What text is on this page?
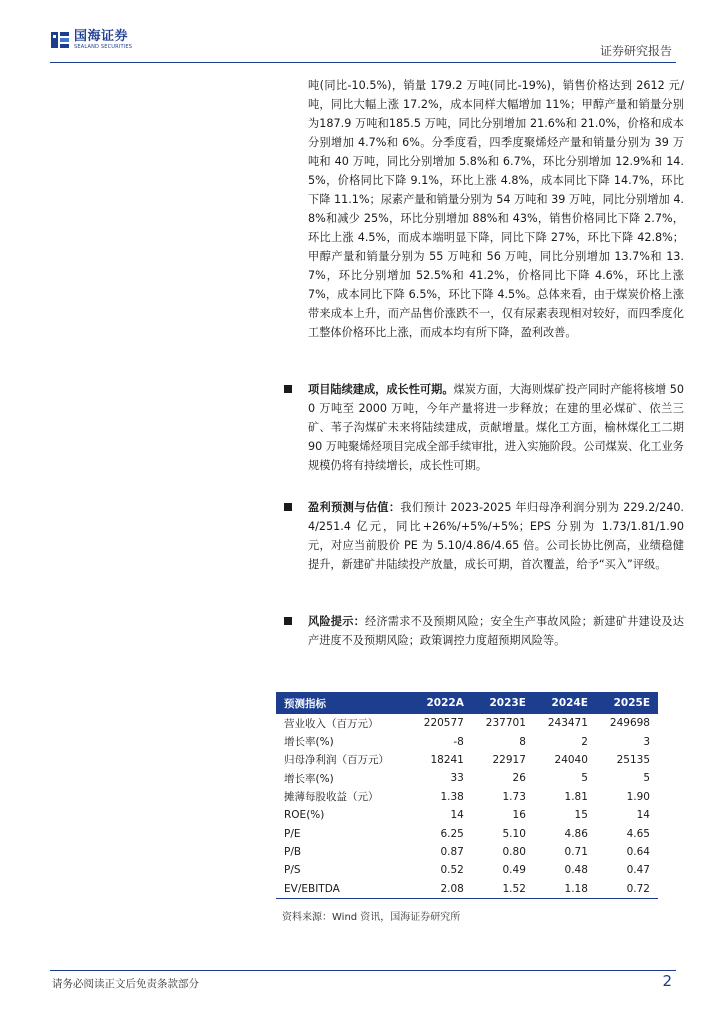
国海证券
SEALAND SECURITIES	证券研究报告
吨(同比-10.5%)，销量 179.2 万吨(同比-19%)，销售价格达到 2612 元/吨，同比大幅上涨 17.2%，成本同样大幅增加 11%；甲醇产量和销量分别为187.9 万吨和185.5 万吨，同比分别增加 21.6%和 21.0%，价格和成本分别增加 4.7%和 6%。分季度看，四季度聚烯烃产量和销量分别为 39 万吨和 40 万吨，同比分别增加 5.8%和 6.7%，环比分别增加 12.9%和 14.5%，价格同比下降 9.1%，环比上涨 4.8%，成本同比下降 14.7%，环比下降 11.1%；尿素产量和销量分别为 54 万吨和 39 万吨，同比分别增加 4.8%和减少 25%，环比分别增加 88%和 43%，销售价格同比下降 2.7%，环比上涨 4.5%，而成本端明显下降，同比下降 27%，环比下降 42.8%；甲醇产量和销量分别为 55 万吨和 56 万吨，同比分别增加 13.7%和 13.7%，环比分别增加 52.5%和 41.2%，价格同比下降 4.6%，环比上涨 7%，成本同比下降 6.5%，环比下降 4.5%。总体来看，由于煤炭价格上涨带来成本上升，而产品售价涨跌不一，仅有尿素表现相对较好，而四季度化工整体价格环比上涨，而成本均有所下降，盈利改善。
项目陆续建成，成长性可期。煤炭方面，大海则煤矿投产同时产能将核增 500 万吨至 2000 万吨，今年产量将进一步释放；在建的里必煤矿、依兰三矿、苇子沟煤矿未来将陆续建成，贡献增量。煤化工方面，榆林煤化工二期 90 万吨聚烯烃项目完成全部手续审批，进入实施阶段。公司煤炭、化工业务规模仍将有持续增长，成长性可期。
盈利预测与估值：我们预计 2023-2025 年归母净利润分别为 229.2/240.4/251.4 亿元，同比+26%/+5%/+5%；EPS 分别为 1.73/1.81/1.90 元，对应当前股价 PE 为 5.10/4.86/4.65 倍。公司长协比例高，业绩稳健提升，新建矿井陆续投产放量，成长可期，首次覆盖，给予“买入”评级。
风险提示：经济需求不及预期风险；安全生产事故风险；新建矿井建设及达产进度不及预期风险；政策调控力度超预期风险等。
预测指标	2022A	2023E	2024E	2025E
营业收入（百万元）	220577	237701	243471	249698
增长率(%)	-8	8	2	3
归母净利润（百万元）	18241	22917	24040	25135
增长率(%)	33	26	5	5
摊薄每股收益（元）	1.38	1.73	1.81	1.90
ROE(%)	14	16	15	14
P/E	6.25	5.10	4.86	4.65
P/B	0.87	0.80	0.71	0.64
P/S	0.52	0.49	0.48	0.47
EV/EBITDA	2.08	1.52	1.18	0.72
资料来源：Wind 资讯，国海证券研究所
请务必阅读正文后免责条款部分	2
